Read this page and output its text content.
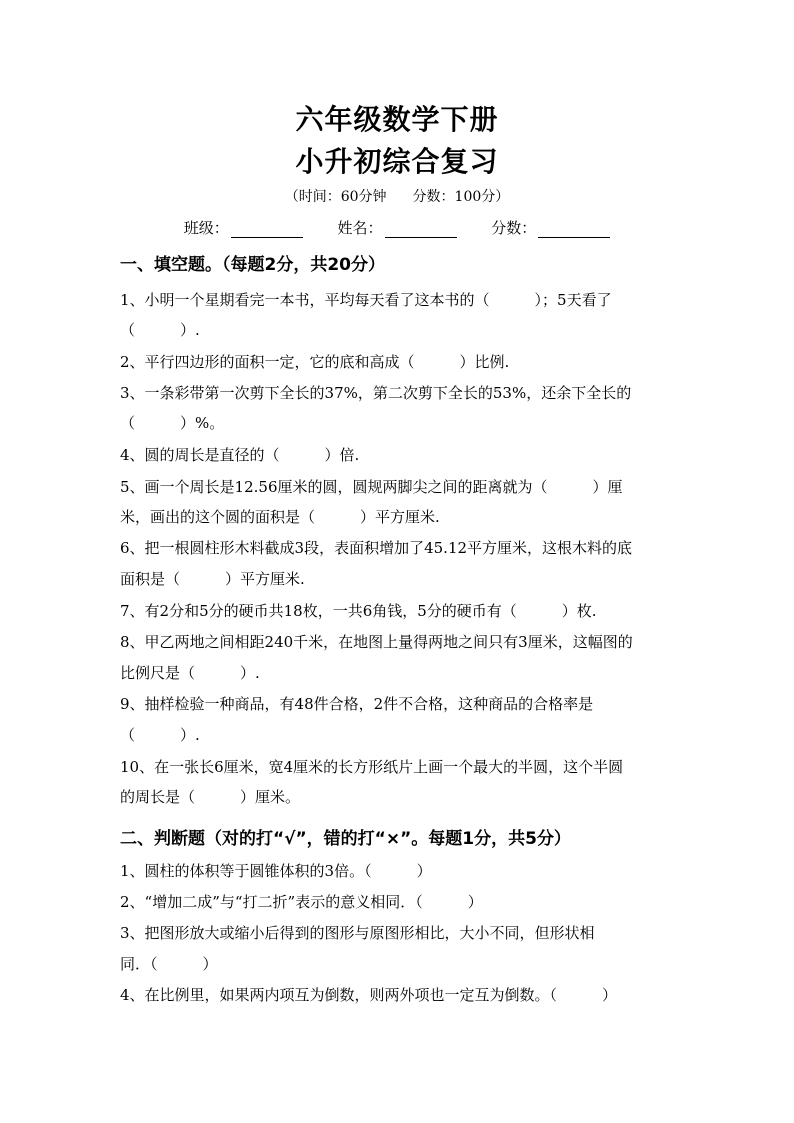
六年级数学下册
小升初综合复习
（时间：60分钟 分数：100分）
班级：	姓名：	分数：
一、填空题。（每题2分，共20分）
1、小明一个星期看完一本书，平均每天看了这本书的（　　　）；5天看了
（　　　）.
2、平行四边形的面积一定，它的底和高成（　　　）比例.
3、一条彩带第一次剪下全长的37%，第二次剪下全长的53%，还余下全长的
（　　　）%。
4、圆的周长是直径的（　　　）倍.
5、画一个周长是12.56厘米的圆，圆规两脚尖之间的距离就为（　　　）厘
米，画出的这个圆的面积是（　　　）平方厘米.
6、把一根圆柱形木料截成3段，表面积增加了45.12平方厘米，这根木料的底
面积是（　　　）平方厘米.
7、有2分和5分的硬币共18枚，一共6角钱，5分的硬币有（　　　）枚.
8、甲乙两地之间相距240千米，在地图上量得两地之间只有3厘米，这幅图的
比例尺是（　　　）.
9、抽样检验一种商品，有48件合格，2件不合格，这种商品的合格率是
（　　　）.
10、在一张长6厘米，宽4厘米的长方形纸片上画一个最大的半圆，这个半圆
的周长是（　　　）厘米。
二、判断题（对的打“√”，错的打“×”。每题1分，共5分）
1、圆柱的体积等于圆锥体积的3倍。（　　　）
2、“增加二成”与“打二折”表示的意义相同．（　　　）
3、把图形放大或缩小后得到的图形与原图形相比，大小不同，但形状相
同．（　　　）
4、在比例里，如果两内项互为倒数，则两外项也一定互为倒数。（　　　）
